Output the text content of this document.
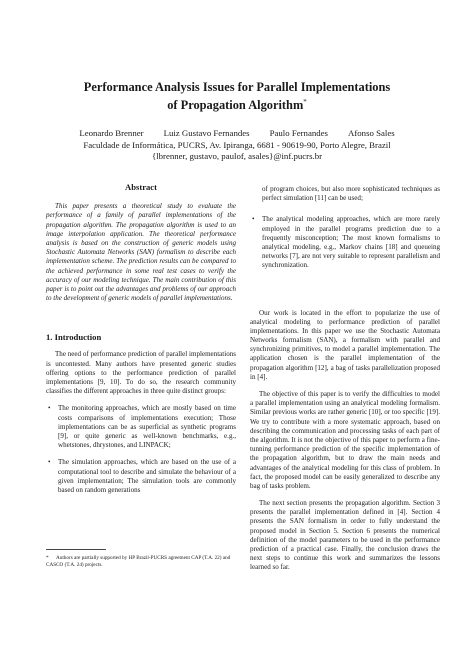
Performance Analysis Issues for Parallel Implementations
of Propagation Algorithm*
Leonardo Brenner Luiz Gustavo Fernandes Paulo Fernandes Afonso Sales
Faculdade de Informática, PUCRS, Av. Ipiranga, 6681 - 90619-90, Porto Alegre, Brazil
{lbrenner, gustavo, paulof, asales}@inf.pucrs.br
Abstract

This paper presents a theoretical study to evaluate the performance of a family of parallel implementations of the propagation algorithm. The propagation algorithm is used to an image interpolation application. The theoretical performance analysis is based on the construction of generic models using Stochastic Automata Networks (SAN) formalism to describe each implementation scheme. The prediction results can be compared to the achieved performance in some real test cases to verify the accuracy of our modeling technique. The main contribution of this paper is to point out the advantages and problems of our approach to the development of generic models of parallel implementations.

1. Introduction

The need of performance prediction of parallel implementations is uncontested. Many authors have presented generic studies offering options to the performance prediction of parallel implementations [9, 10]. To do so, the research community classifies the different approaches in three quite distinct groups:

• The monitoring approaches, which are mostly based on time costs comparisons of implementations execution; Those implementations can be as superficial as synthetic programs [9], or quite generic as well-known benchmarks, e.g., whetstones, dhrystones, and LINPACK;
• The simulation approaches, which are based on the use of a computational tool to describe and simulate the behaviour of a given implementation; The simulation tools are commonly based on random generations
of program choices, but also more sophisticated techniques as perfect simulation [11] can be used;
• The analytical modeling approaches, which are more rarely employed in the parallel programs prediction due to a frequently misconception; The most known formalisms to analytical modeling, e.g., Markov chains [18] and queueing networks [7], are not very suitable to represent parallelism and synchronization.

Our work is located in the effort to popularize the use of analytical modeling to performance prediction of parallel implementations. In this paper we use the Stochastic Automata Networks formalism (SAN), a formalism with parallel and synchronizing primitives, to model a parallel implementation. The application chosen is the parallel implementation of the propagation algorithm [12], a bag of tasks parallelization proposed in [4].

The objective of this paper is to verify the difficulties to model a parallel implementation using an analytical modeling formalism. Similar previous works are rather generic [10], or too specific [19]. We try to contribute with a more systematic approach, based on describing the communication and processing tasks of each part of the algorithm. It is not the objective of this paper to perform a fine-tunning performance prediction of the specific implementation of the propagation algorithm, but to draw the main needs and advantages of the analytical modeling for this class of problem. In fact, the proposed model can be easily generalized to describe any bag of tasks problem.

The next section presents the propagation algorithm. Section 3 presents the parallel implementation defined in [4]. Section 4 presents the SAN formalism in order to fully understand the proposed model in Section 5. Section 6 presents the numerical definition of the model parameters to be used in the performance prediction of a practical case. Finally, the conclusion draws the next steps to continue this work and summarizes the lessons learned so far.

* Authors are partially supported by HP Brazil-PUCRS agreement CAP (T.A. 22) and CASCO (T.A. 24) projects.
